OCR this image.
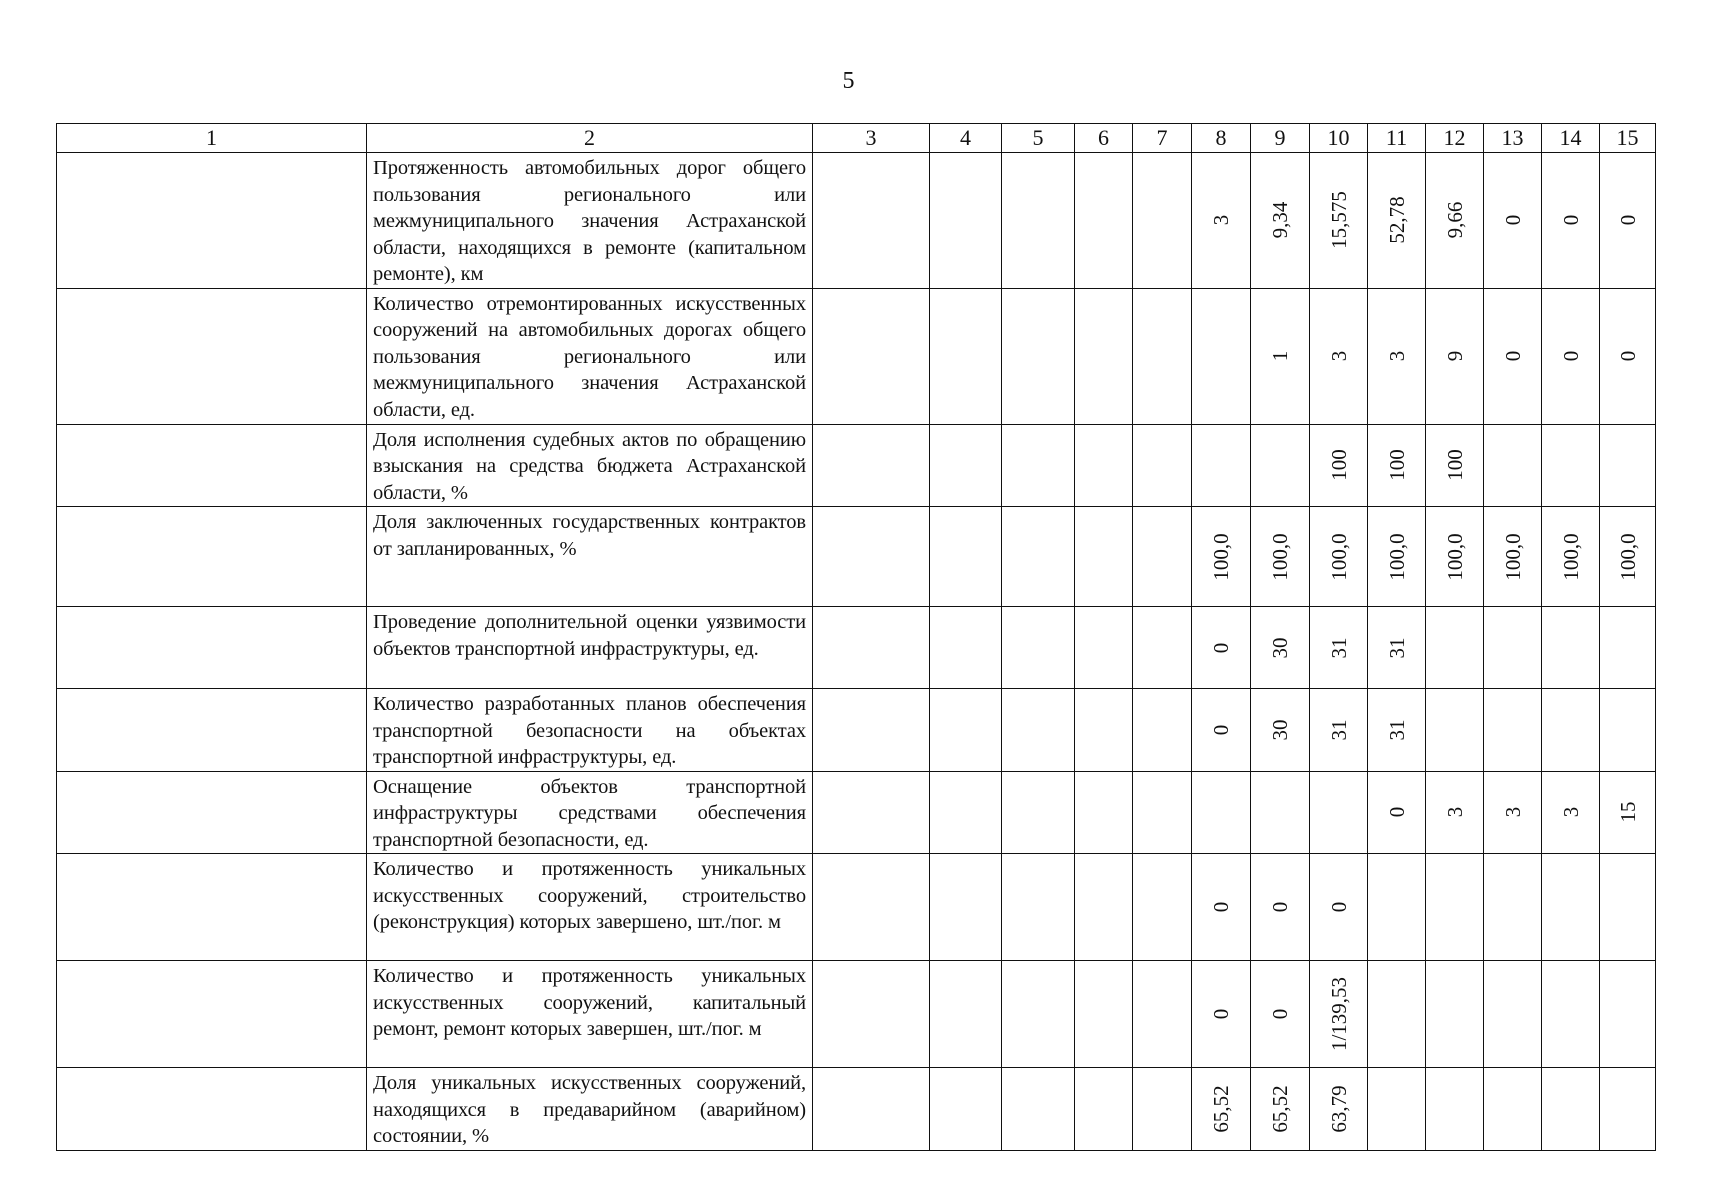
5
1	2	3	4	5	6	7	8	9	10	11	12	13	14	15
	Протяженность автомобильных дорог общего пользования регионального или межмуниципального значения Астраханской области, находящихся в ремонте (капитальном ремонте), км						3	9,34	15,575	52,78	9,66	0	0	0

	Количество отремонтированных искусственных сооружений на автомобильных дорогах общего пользования регионального или межмуниципального значения Астраханской области, ед.							1	3	3	9	0	0	0

	Доля исполнения судебных актов по обращению взыскания на средства бюджета Астраханской области, %								100	100	100			

	Доля заключенных государственных контрактов от запланированных, %						100,0	100,0	100,0	100,0	100,0	100,0	100,0	100,0

	Проведение дополнительной оценки уязвимости объектов транспортной инфраструктуры, ед.						0	30	31	31				

	Количество разработанных планов обеспечения транспортной безопасности на объектах транспортной инфраструктуры, ед.						0	30	31	31				

	Оснащение объектов транспортной инфраструктуры средствами обеспечения транспортной безопасности, ед.									0	3	3	3	15

	Количество и протяженность уникальных искусственных сооружений, строительство (реконструкция) которых завершено, шт./пог. м						0	0	0					

	Количество и протяженность уникальных искусственных сооружений, капитальный ремонт, ремонт которых завершен, шт./пог. м						0	0	1/139,53					

	Доля уникальных искусственных сооружений, находящихся в предаварийном (аварийном) состоянии, %						65,52	65,52	63,79					
